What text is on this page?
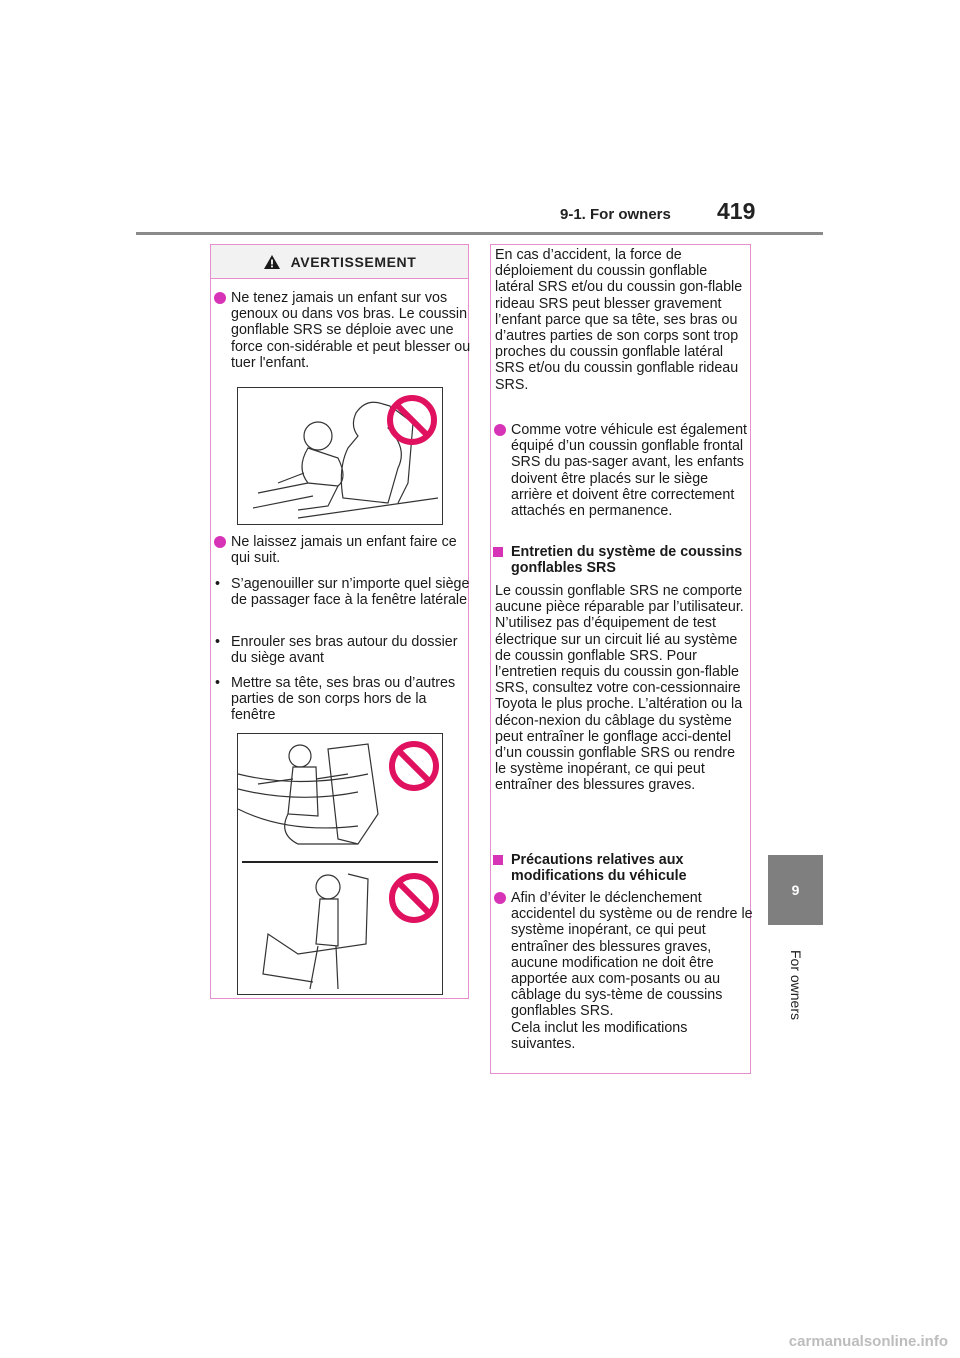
9-1. For owners 419
9
For owners
AVERTISSEMENT
Ne tenez jamais un enfant sur vos genoux ou dans vos bras. Le coussin gonflable SRS se déploie avec une force con-sidérable et peut blesser ou tuer l'enfant.
Ne laissez jamais un enfant faire ce qui suit.
• S’agenouiller sur n’importe quel siège de passager face à la fenêtre latérale
• Enrouler ses bras autour du dossier du siège avant
• Mettre sa tête, ses bras ou d’autres parties de son corps hors de la fenêtre
En cas d’accident, la force de déploiement du coussin gonflable latéral SRS et/ou du coussin gon-flable rideau SRS peut blesser gravement l’enfant parce que sa tête, ses bras ou d’autres parties de son corps sont trop proches du coussin gonflable latéral SRS et/ou du coussin gonflable rideau SRS.
Comme votre véhicule est également équipé d’un coussin gonflable frontal SRS du pas-sager avant, les enfants doivent être placés sur le siège arrière et doivent être correctement attachés en permanence.
Entretien du système de coussins gonflables SRS
Le coussin gonflable SRS ne comporte aucune pièce réparable par l’utilisateur. N’utilisez pas d’équipement de test électrique sur un circuit lié au système de coussin gonflable SRS. Pour l’entretien requis du coussin gon-flable SRS, consultez votre con-cessionnaire Toyota le plus proche. L’altération ou la décon-nexion du câblage du système peut entraîner le gonflage acci-dentel d’un coussin gonflable SRS ou rendre le système inopérant, ce qui peut entraîner des blessures graves.
Précautions relatives aux modifications du véhicule
Afin d’éviter le déclenchement accidentel du système ou de rendre le système inopérant, ce qui peut entraîner des blessures graves, aucune modification ne doit être apportée aux com-posants ou au câblage du sys-tème de coussins gonflables SRS.
Cela inclut les modifications suivantes.
carmanualsonline.info
